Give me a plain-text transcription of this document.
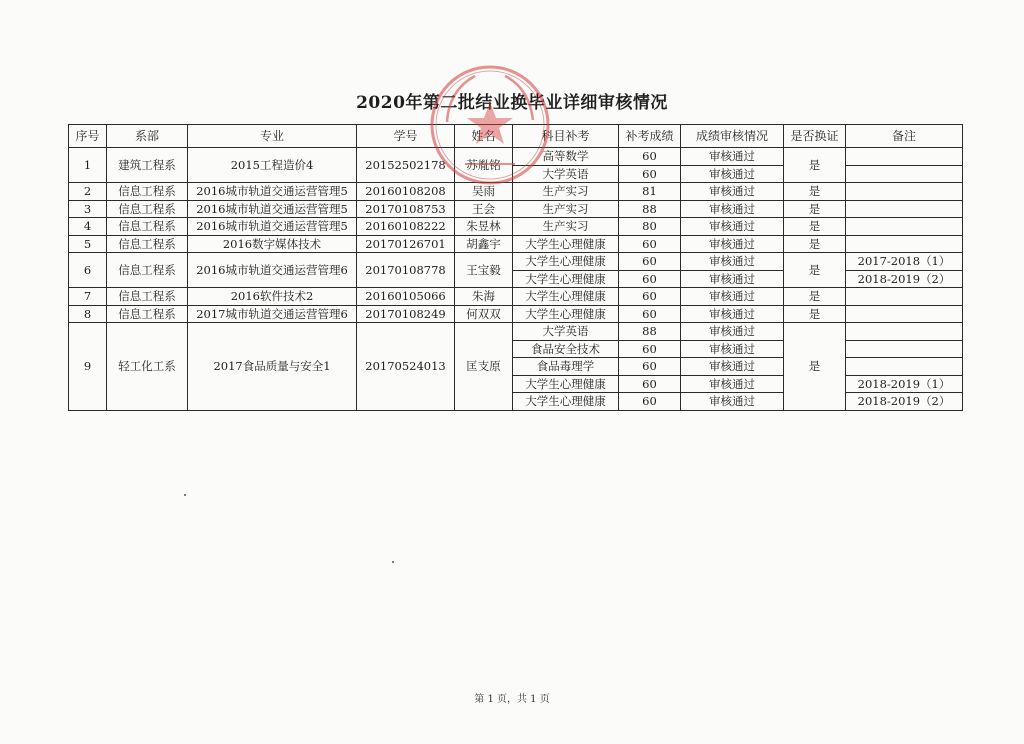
2020年第二批结业换毕业详细审核情况
序号	系部	专业	学号	姓名	科目补考	补考成绩	成绩审核情况	是否换证	备注
1	建筑工程系	2015工程造价4	20152502178	苏胤铭	高等数学	60	审核通过	是	
					大学英语	60	审核通过		
2	信息工程系	2016城市轨道交通运营管理5	20160108208	吴雨	生产实习	81	审核通过	是	
3	信息工程系	2016城市轨道交通运营管理5	20170108753	王会	生产实习	88	审核通过	是	
4	信息工程系	2016城市轨道交通运营管理5	20160108222	朱昱林	生产实习	80	审核通过	是	
5	信息工程系	2016数字媒体技术	20170126701	胡鑫宇	大学生心理健康	60	审核通过	是	
6	信息工程系	2016城市轨道交通运营管理6	20170108778	王宝毅	大学生心理健康	60	审核通过	是	2017-2018（1）
					大学生心理健康	60	审核通过		2018-2019（2）
7	信息工程系	2016软件技术2	20160105066	朱海	大学生心理健康	60	审核通过	是	
8	信息工程系	2017城市轨道交通运营管理6	20170108249	何双双	大学生心理健康	60	审核通过	是	
9	轻工化工系	2017食品质量与安全1	20170524013	匡支原	大学英语	88	审核通过	是	
					食品安全技术	60	审核通过		
					食品毒理学	60	审核通过		
					大学生心理健康	60	审核通过		2018-2019（1）
					大学生心理健康	60	审核通过		2018-2019（2）
第 1 页，共 1 页
